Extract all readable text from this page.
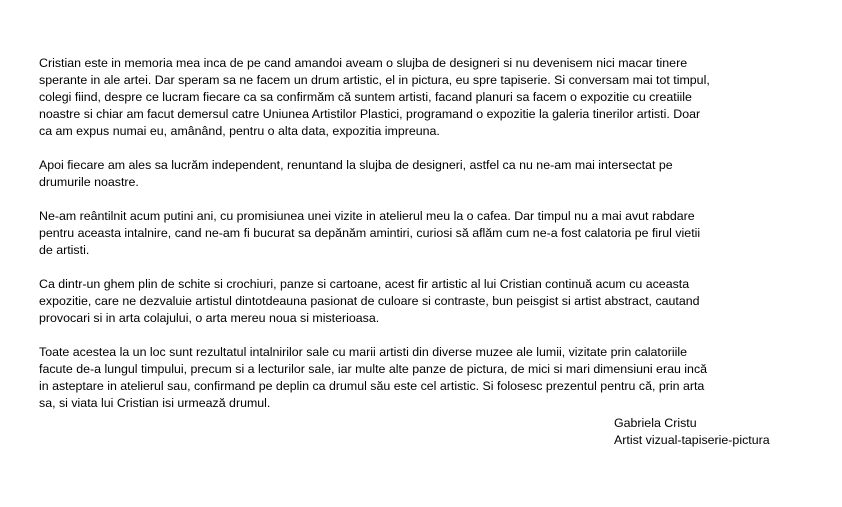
Cristian este in memoria mea inca de pe cand amandoi aveam o slujba de designeri si nu devenisem nici macar tinere
sperante in ale artei. Dar speram sa ne facem un drum artistic, el in pictura, eu spre tapiserie. Si conversam mai tot timpul,
colegi fiind, despre ce lucram fiecare ca sa confirmăm că suntem artisti, facand planuri sa facem o expozitie cu creatiile
noastre si chiar am facut demersul catre Uniunea Artistilor Plastici, programand o expozitie la galeria tinerilor artisti. Doar
ca am expus numai eu, amânând, pentru o alta data, expozitia impreuna.

Apoi fiecare am ales sa lucrăm independent, renuntand la slujba de designeri, astfel ca nu ne-am mai intersectat pe
drumurile noastre.

Ne-am reântilnit acum putini ani, cu promisiunea unei vizite in atelierul meu la o cafea. Dar timpul nu a mai avut rabdare
pentru aceasta intalnire, cand ne-am fi bucurat sa depănăm amintiri, curiosi să aflăm cum ne-a fost calatoria pe firul vietii
de artisti.

Ca dintr-un ghem plin de schite si crochiuri, panze si cartoane, acest fir artistic al lui Cristian continuă acum cu aceasta
expozitie, care ne dezvaluie artistul dintotdeauna pasionat de culoare si contraste, bun peisgist si artist abstract, cautand
provocari si in arta colajului, o arta mereu noua si misterioasa.

Toate acestea la un loc sunt rezultatul intalnirilor sale cu marii artisti din diverse muzee ale lumii, vizitate prin calatoriile
facute de-a lungul timpului, precum si a lecturilor sale, iar multe alte panze de pictura, de mici si mari dimensiuni erau incă
in asteptare in atelierul sau, confirmand pe deplin ca drumul său este cel artistic. Si folosesc prezentul pentru că, prin arta
sa, si viata lui Cristian isi urmează drumul.

Gabriela Cristu
Artist vizual-tapiserie-pictura
